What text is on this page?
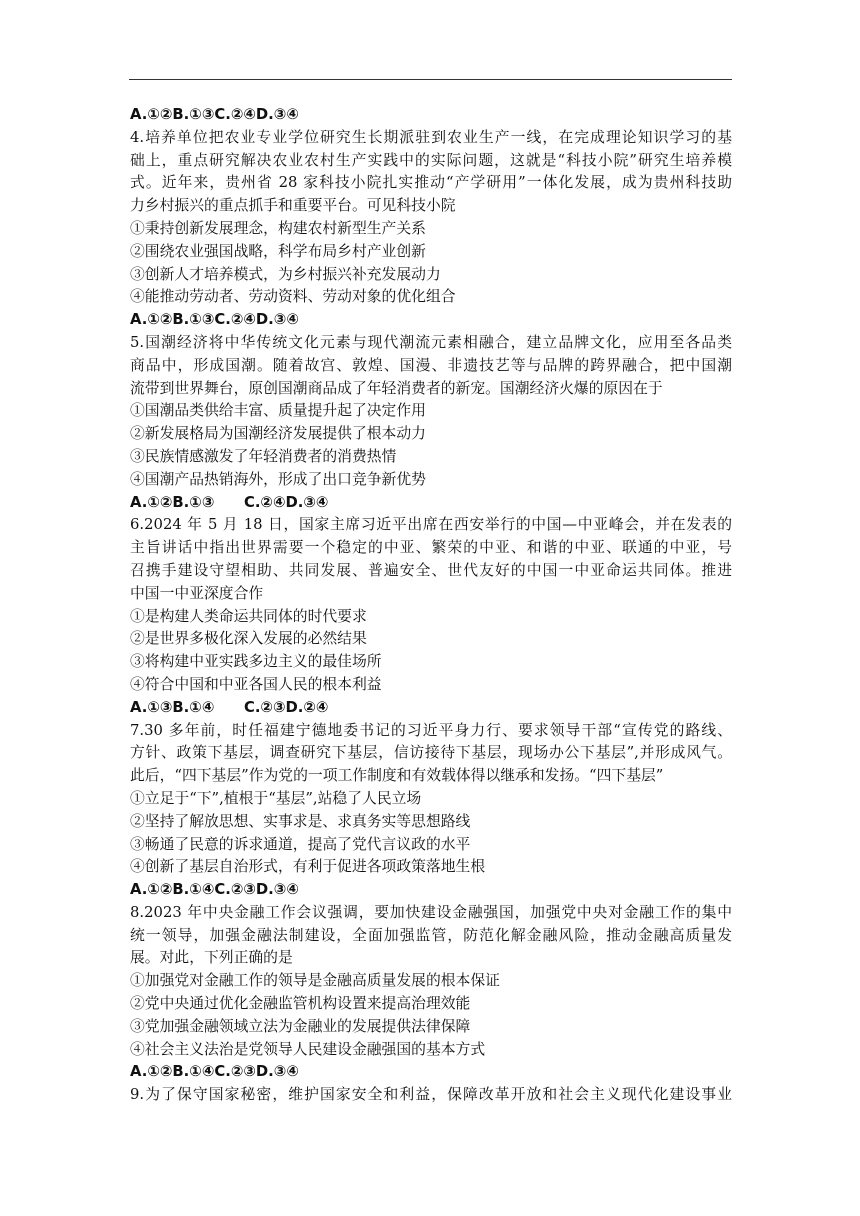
A.①②B.①③C.②④D.③④
4.培养单位把农业专业学位研究生长期派驻到农业生产一线，在完成理论知识学习的基
础上，重点研究解决农业农村生产实践中的实际问题，这就是“科技小院”研究生培养模
式。近年来，贵州省 28 家科技小院扎实推动“产学研用”一体化发展，成为贵州科技助
力乡村振兴的重点抓手和重要平台。可见科技小院
①秉持创新发展理念，构建农村新型生产关系
②围绕农业强国战略，科学布局乡村产业创新
③创新人才培养模式，为乡村振兴补充发展动力
④能推动劳动者、劳动资料、劳动对象的优化组合
A.①②B.①③C.②④D.③④
5.国潮经济将中华传统文化元素与现代潮流元素相融合，建立品牌文化，应用至各品类
商品中，形成国潮。随着故宫、敦煌、国漫、非遗技艺等与品牌的跨界融合，把中国潮
流带到世界舞台，原创国潮商品成了年轻消费者的新宠。国潮经济火爆的原因在于
①国潮品类供给丰富、质量提升起了决定作用
②新发展格局为国潮经济发展提供了根本动力
③民族情感激发了年轻消费者的消费热情
④国潮产品热销海外，形成了出口竞争新优势
A.①②B.①③　　C.②④D.③④
6.2024 年 5 月 18 日，国家主席习近平出席在西安举行的中国—中亚峰会，并在发表的
主旨讲话中指出世界需要一个稳定的中亚、繁荣的中亚、和谐的中亚、联通的中亚，号
召携手建设守望相助、共同发展、普遍安全、世代友好的中国一中亚命运共同体。推进
中国一中亚深度合作
①是构建人类命运共同体的时代要求
②是世界多极化深入发展的必然结果
③将构建中亚实践多边主义的最佳场所
④符合中国和中亚各国人民的根本利益
A.①③B.①④　　C.②③D.②④
7.30 多年前，时任福建宁德地委书记的习近平身力行、要求领导干部“宣传党的路线、
方针、政策下基层，调查研究下基层，信访接待下基层，现场办公下基层”,并形成风气。
此后，“四下基层”作为党的一项工作制度和有效载体得以继承和发扬。“四下基层”
①立足于“下”,植根于“基层”,站稳了人民立场
②坚持了解放思想、实事求是、求真务实等思想路线
③畅通了民意的诉求通道，提高了党代言议政的水平
④创新了基层自治形式，有利于促进各项政策落地生根
A.①②B.①④C.②③D.③④
8.2023 年中央金融工作会议强调，要加快建设金融强国，加强党中央对金融工作的集中
统一领导，加强金融法制建设，全面加强监管，防范化解金融风险，推动金融高质量发
展。对此，下列正确的是
①加强党对金融工作的领导是金融高质量发展的根本保证
②党中央通过优化金融监管机构设置来提高治理效能
③党加强金融领域立法为金融业的发展提供法律保障
④社会主义法治是党领导人民建设金融强国的基本方式
A.①②B.①④C.②③D.③④
9.为了保守国家秘密，维护国家安全和利益，保障改革开放和社会主义现代化建设事业
